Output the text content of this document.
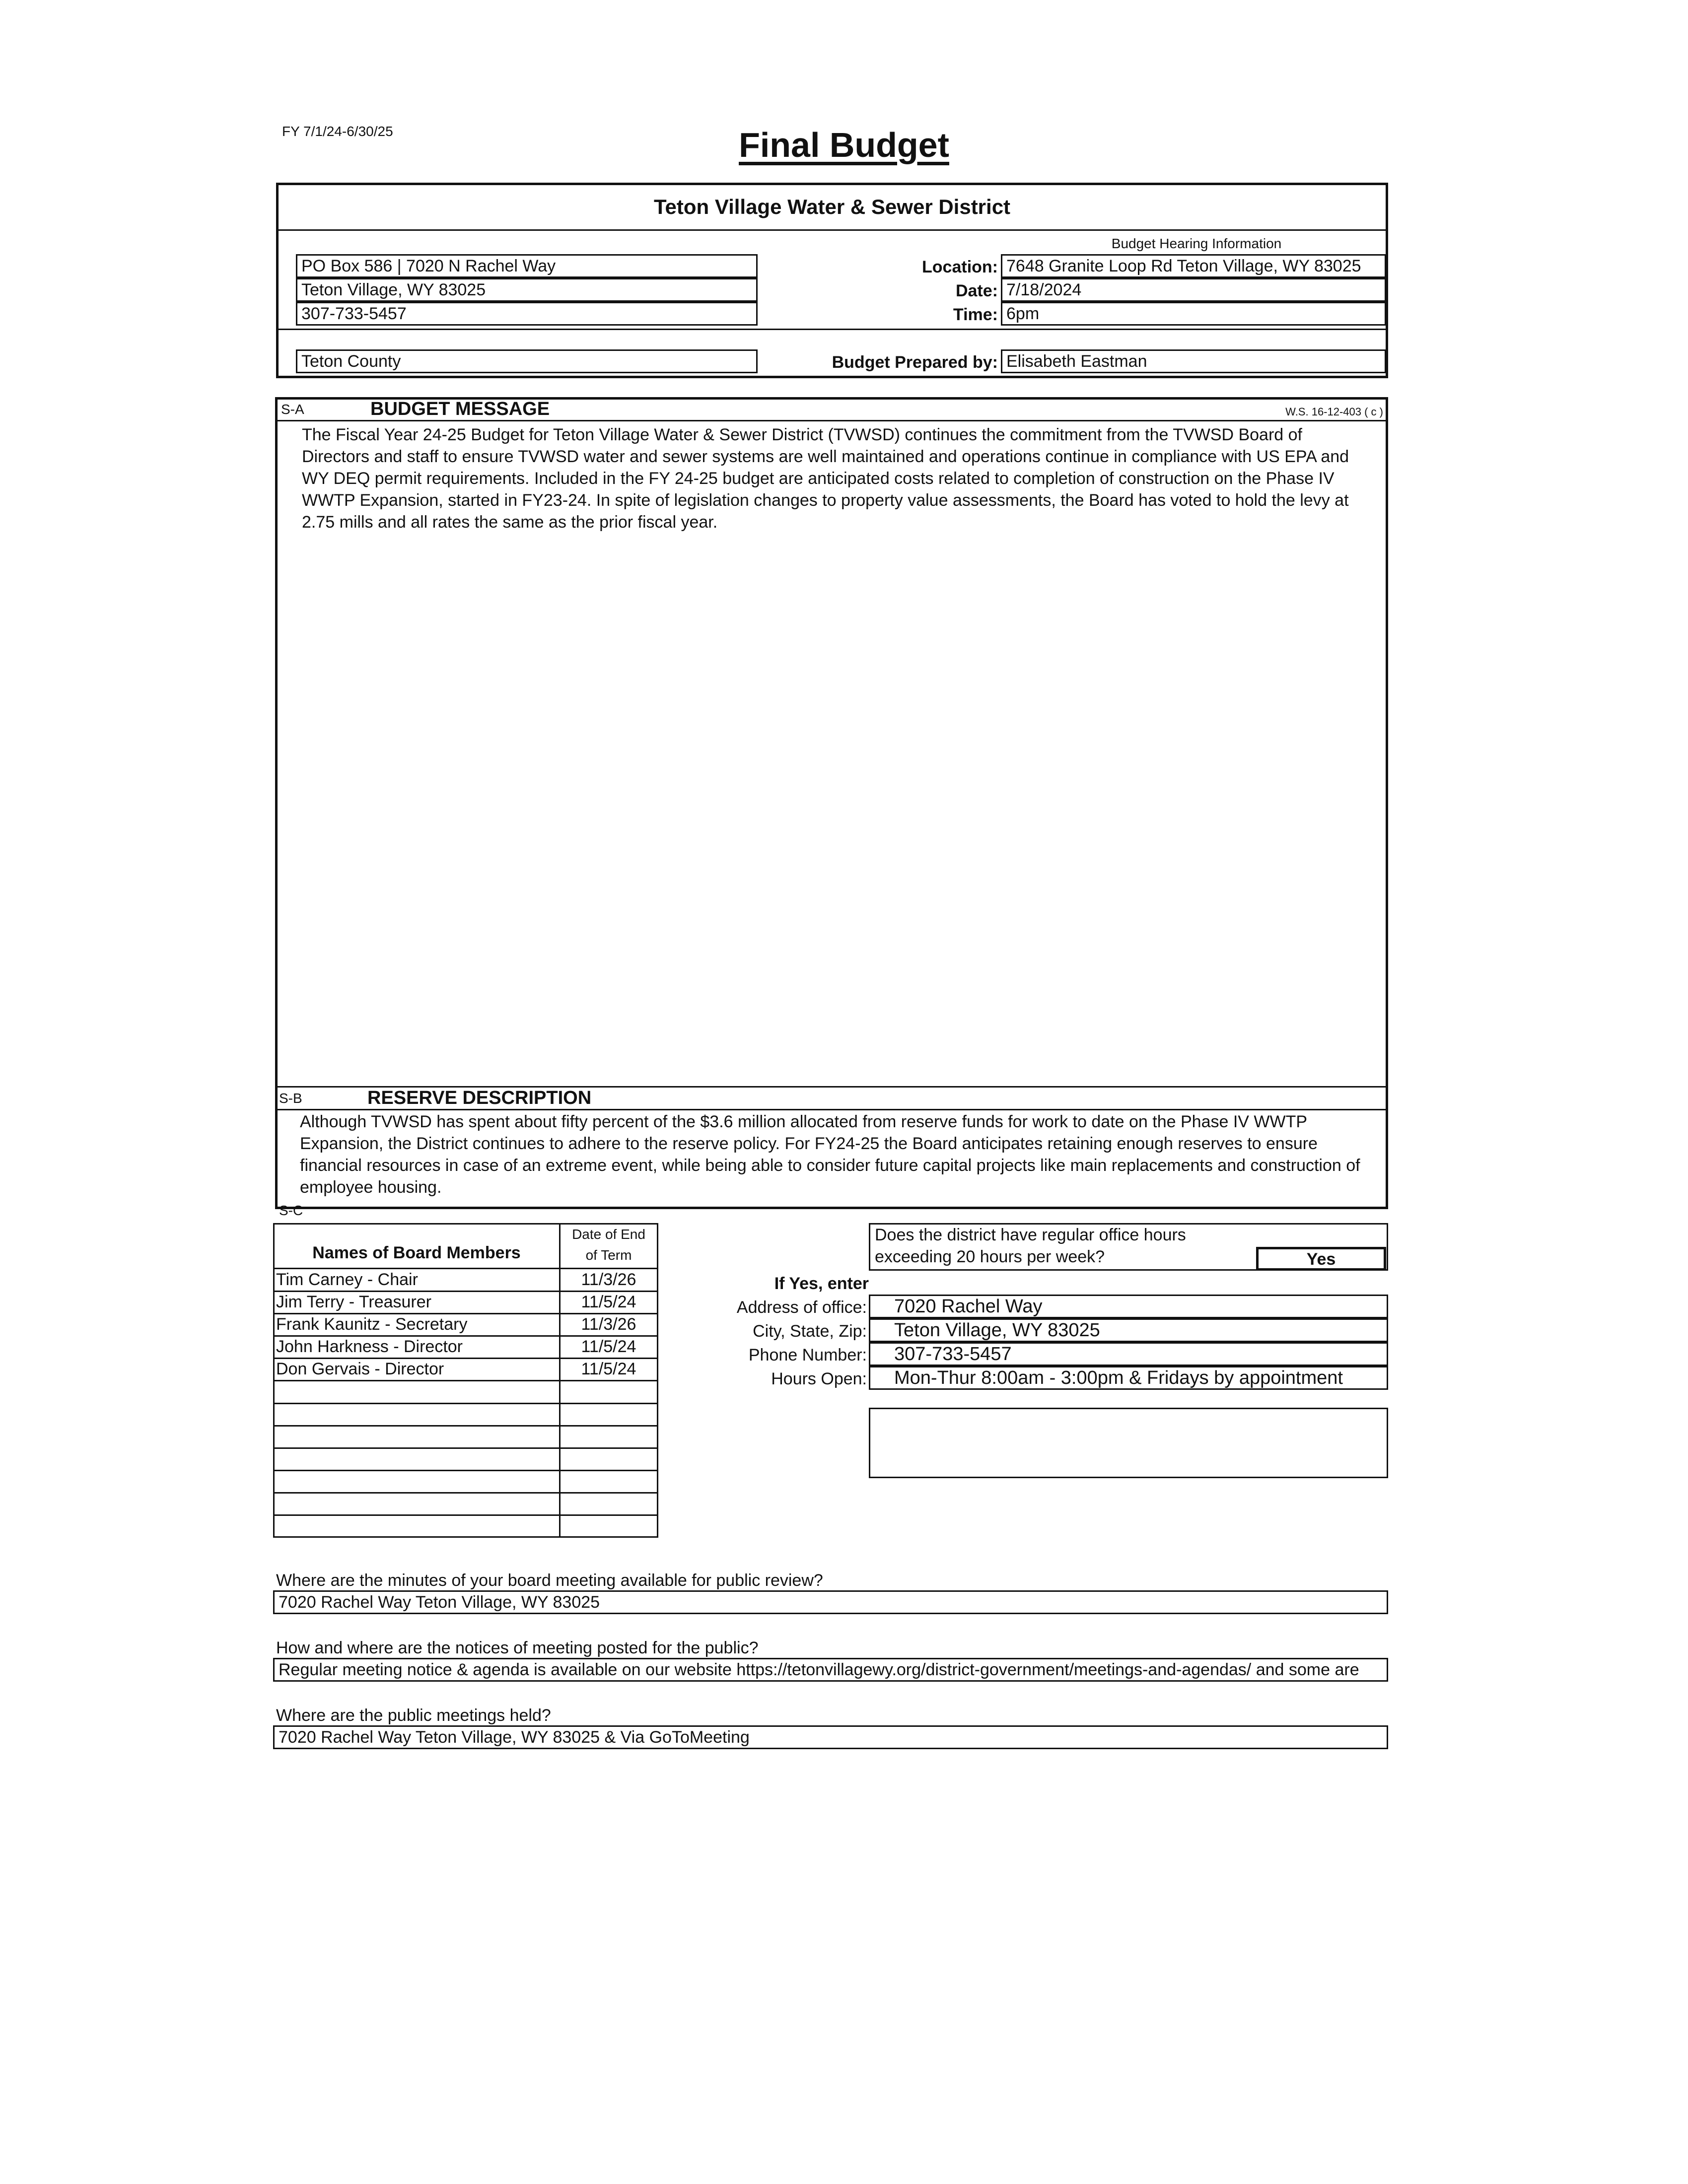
FY 7/1/24-6/30/25	Final Budget
Teton Village Water & Sewer District
Budget Hearing Information
PO Box 586 | 7020 N Rachel Way
Teton Village, WY 83025
307-733-5457
Teton County
Location: 7648 Granite Loop Rd Teton Village, WY 83025
Date: 7/18/2024
Time: 6pm
Budget Prepared by: Elisabeth Eastman
S-A	BUDGET MESSAGE	W.S. 16-12-403 ( c )
The Fiscal Year 24-25 Budget for Teton Village Water & Sewer District (TVWSD) continues the commitment from the TVWSD Board of
Directors and staff to ensure TVWSD water and sewer systems are well maintained and operations continue in compliance with US EPA and
WY DEQ permit requirements. Included in the FY 24-25 budget are anticipated costs related to completion of construction on the Phase IV
WWTP Expansion, started in FY23-24. In spite of legislation changes to property value assessments, the Board has voted to hold the levy at
2.75 mills and all rates the same as the prior fiscal year.
S-B	RESERVE DESCRIPTION
Although TVWSD has spent about fifty percent of the $3.6 million allocated from reserve funds for work to date on the Phase IV WWTP
Expansion, the District continues to adhere to the reserve policy. For FY24-25 the Board anticipates retaining enough reserves to ensure
financial resources in case of an extreme event, while being able to consider future capital projects like main replacements and construction of
employee housing.
S-C
Names of Board Members
Date of End
of Term
Tim Carney - Chair	11/3/26
Jim Terry - Treasurer	11/5/24
Frank Kaunitz - Secretary	11/3/26
John Harkness - Director	11/5/24
Don Gervais - Director	11/5/24
Does the district have regular office hours
exceeding 20 hours per week?	Yes
If Yes, enter
Address of office:	7020 Rachel Way
City, State, Zip:	Teton Village, WY 83025
Phone Number:	307-733-5457
Hours Open:	Mon-Thur 8:00am - 3:00pm & Fridays by appointment
Where are the minutes of your board meeting available for public review?
7020 Rachel Way Teton Village, WY 83025
How and where are the notices of meeting posted for the public?
Regular meeting notice & agenda is available on our website https://tetonvillagewy.org/district-government/meetings-and-agendas/ and some are
Where are the public meetings held?
7020 Rachel Way Teton Village, WY 83025 & Via GoToMeeting
